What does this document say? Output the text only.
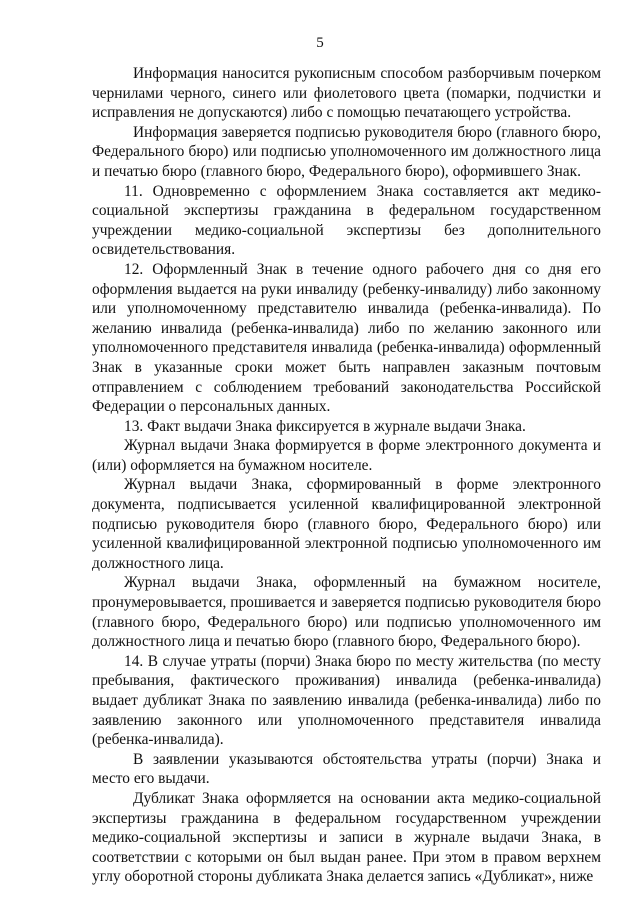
5

Информация наносится рукописным способом разборчивым почерком чернилами черного, синего или фиолетового цвета (помарки, подчистки и исправления не допускаются) либо с помощью печатающего устройства.

Информация заверяется подписью руководителя бюро (главного бюро, Федерального бюро) или подписью уполномоченного им должностного лица и печатью бюро (главного бюро, Федерального бюро), оформившего Знак.

11. Одновременно с оформлением Знака составляется акт медико-социальной экспертизы гражданина в федеральном государственном учреждении медико-социальной экспертизы без дополнительного освидетельствования.

12. Оформленный Знак в течение одного рабочего дня со дня его оформления выдается на руки инвалиду (ребенку-инвалиду) либо законному или уполномоченному представителю инвалида (ребенка-инвалида). По желанию инвалида (ребенка-инвалида) либо по желанию законного или уполномоченного представителя инвалида (ребенка-инвалида) оформленный Знак в указанные сроки может быть направлен заказным почтовым отправлением с соблюдением требований законодательства Российской Федерации о персональных данных.

13. Факт выдачи Знака фиксируется в журнале выдачи Знака.

Журнал выдачи Знака формируется в форме электронного документа и (или) оформляется на бумажном носителе.

Журнал выдачи Знака, сформированный в форме электронного документа, подписывается усиленной квалифицированной электронной подписью руководителя бюро (главного бюро, Федерального бюро) или усиленной квалифицированной электронной подписью уполномоченного им должностного лица.

Журнал выдачи Знака, оформленный на бумажном носителе, пронумеровывается, прошивается и заверяется подписью руководителя бюро (главного бюро, Федерального бюро) или подписью уполномоченного им должностного лица и печатью бюро (главного бюро, Федерального бюро).

14. В случае утраты (порчи) Знака бюро по месту жительства (по месту пребывания, фактического проживания) инвалида (ребенка-инвалида) выдает дубликат Знака по заявлению инвалида (ребенка-инвалида) либо по заявлению законного или уполномоченного представителя инвалида (ребенка-инвалида).

В заявлении указываются обстоятельства утраты (порчи) Знака и место его выдачи.

Дубликат Знака оформляется на основании акта медико-социальной экспертизы гражданина в федеральном государственном учреждении медико-социальной экспертизы и записи в журнале выдачи Знака, в соответствии с которыми он был выдан ранее. При этом в правом верхнем углу оборотной стороны дубликата Знака делается запись «Дубликат», ниже
